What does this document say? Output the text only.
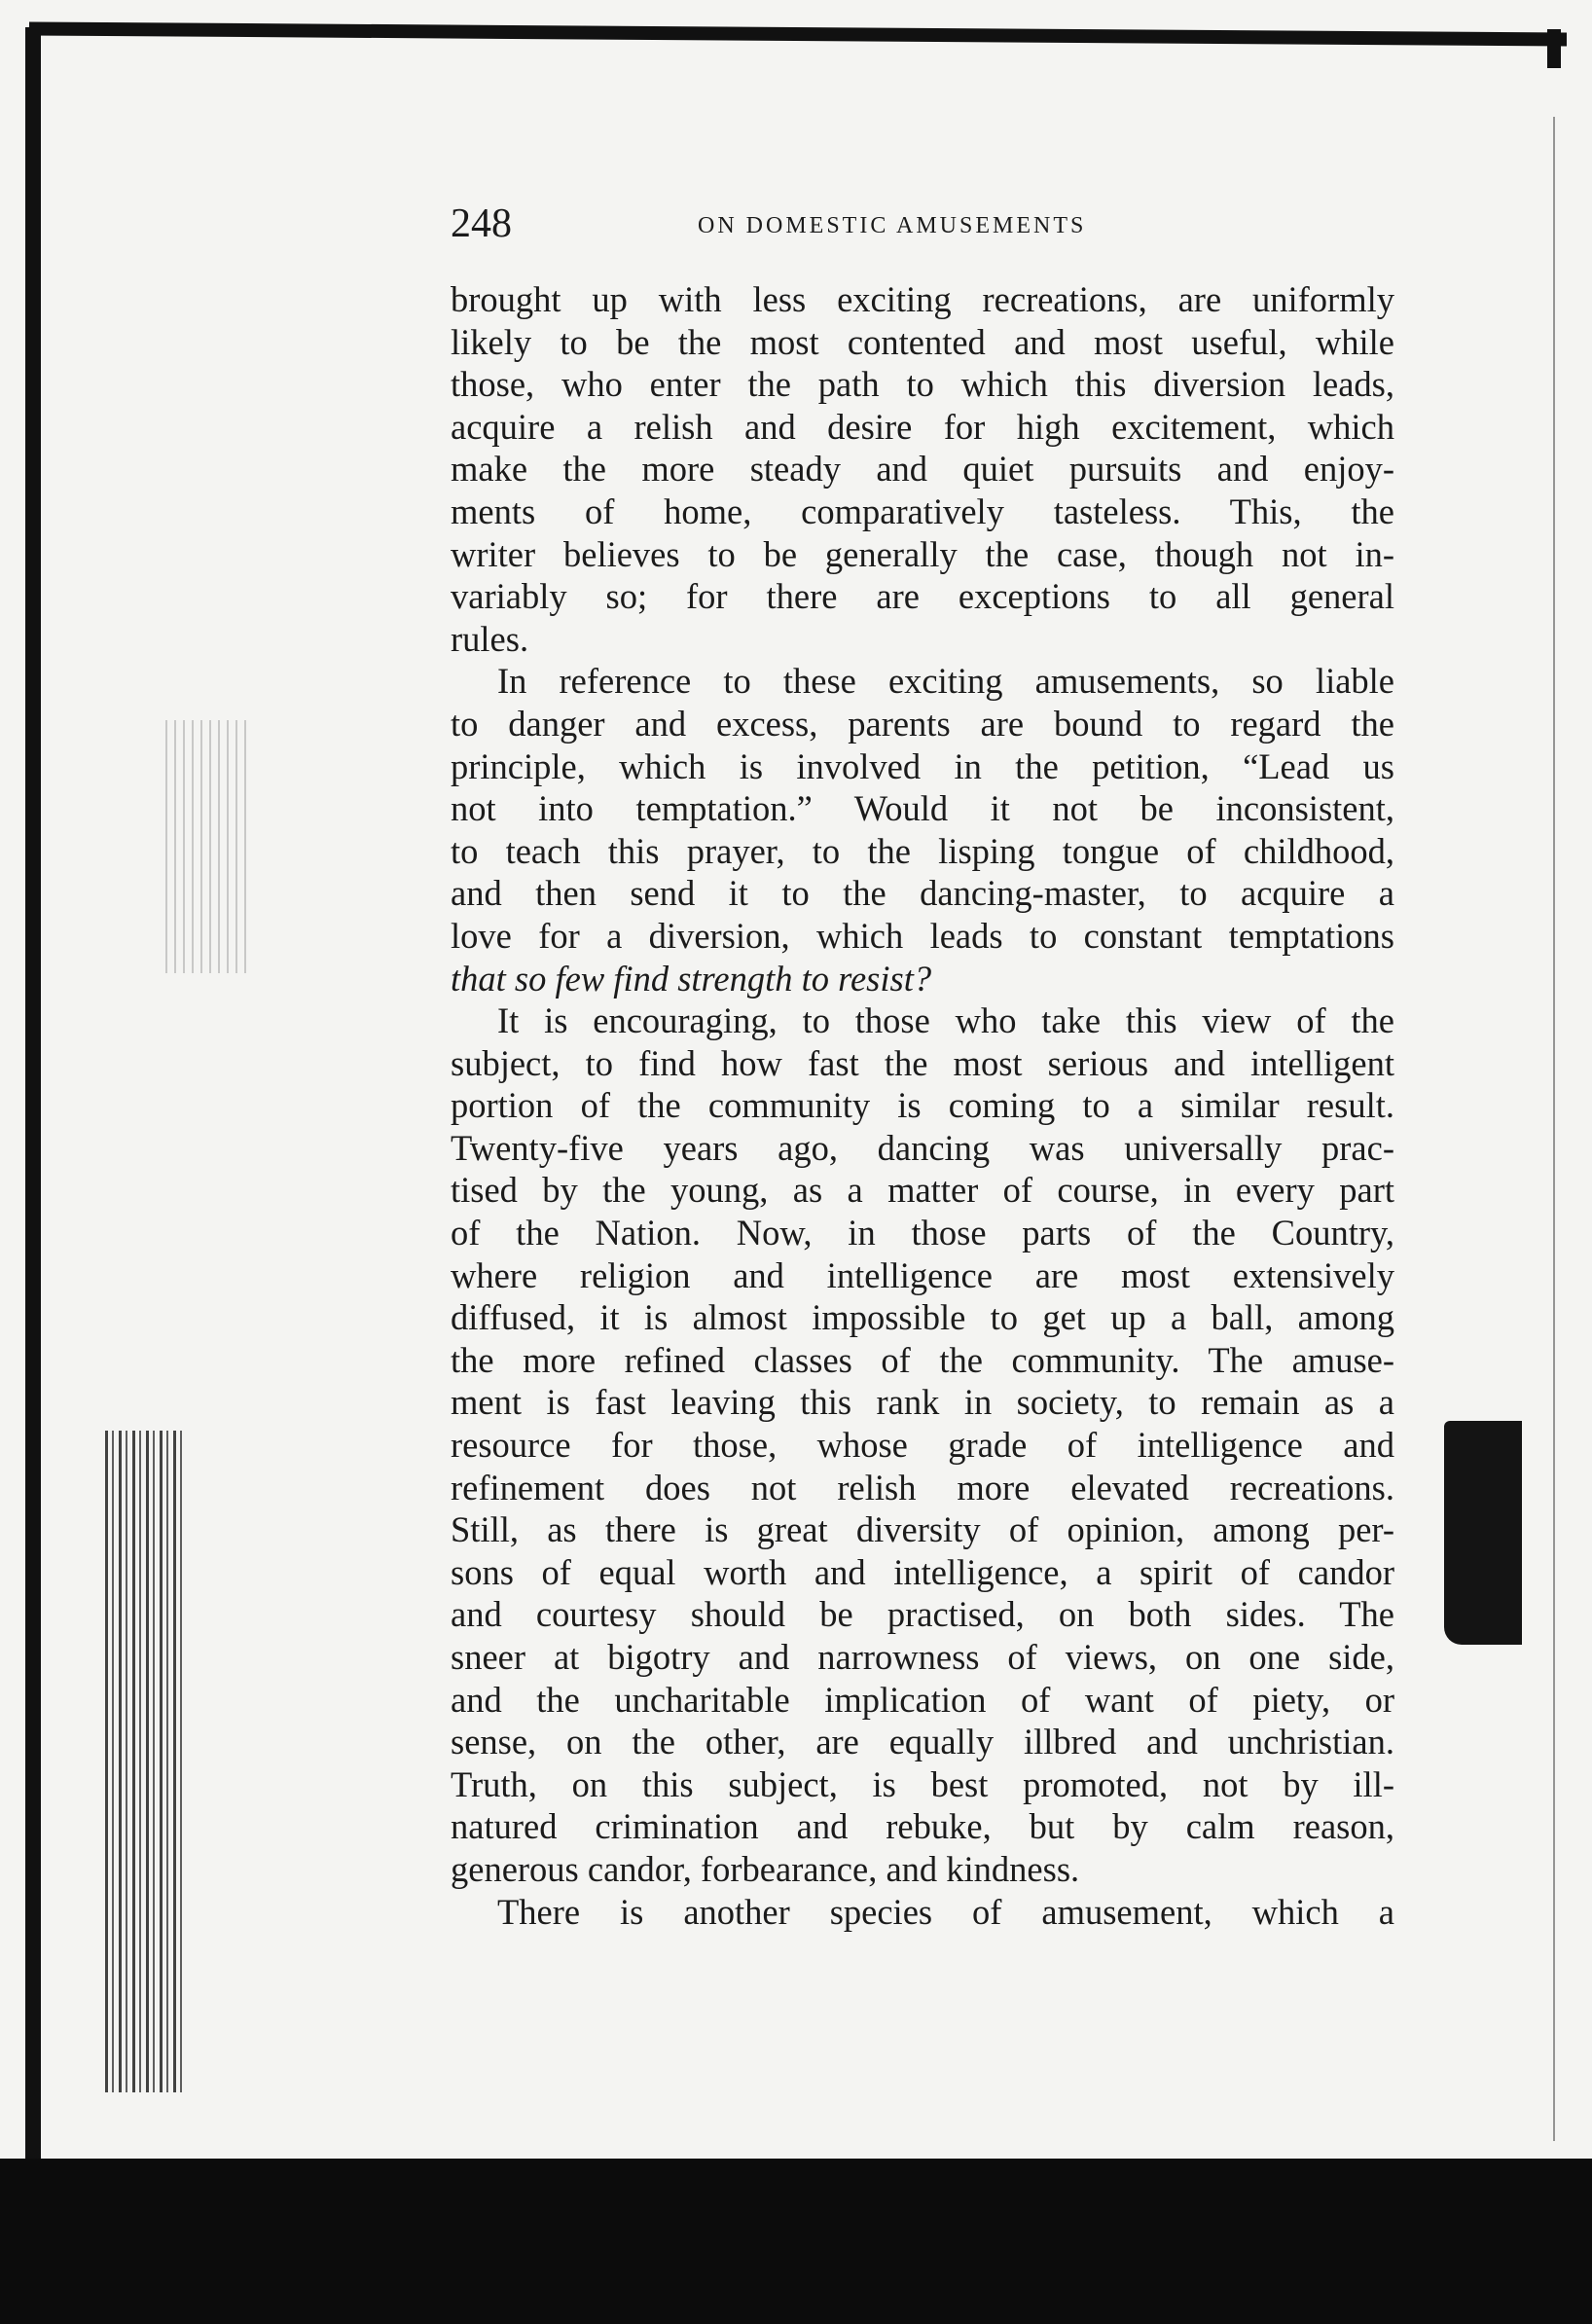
248	ON DOMESTIC AMUSEMENTS
brought up with less exciting recreations, are uniformly
likely to be the most contented and most useful, while
those, who enter the path to which this diversion leads,
acquire a relish and desire for high excitement, which
make the more steady and quiet pursuits and enjoy-
ments of home, comparatively tasteless. This, the
writer believes to be generally the case, though not in-
variably so; for there are exceptions to all general
rules.
In reference to these exciting amusements, so liable
to danger and excess, parents are bound to regard the
principle, which is involved in the petition, “Lead us
not into temptation.” Would it not be inconsistent,
to teach this prayer, to the lisping tongue of childhood,
and then send it to the dancing-master, to acquire a
love for a diversion, which leads to constant temptations
that so few find strength to resist?
It is encouraging, to those who take this view of the
subject, to find how fast the most serious and intelligent
portion of the community is coming to a similar result.
Twenty-five years ago, dancing was universally prac-
tised by the young, as a matter of course, in every part
of the Nation. Now, in those parts of the Country,
where religion and intelligence are most extensively
diffused, it is almost impossible to get up a ball, among
the more refined classes of the community. The amuse-
ment is fast leaving this rank in society, to remain as a
resource for those, whose grade of intelligence and
refinement does not relish more elevated recreations.
Still, as there is great diversity of opinion, among per-
sons of equal worth and intelligence, a spirit of candor
and courtesy should be practised, on both sides. The
sneer at bigotry and narrowness of views, on one side,
and the uncharitable implication of want of piety, or
sense, on the other, are equally illbred and unchristian.
Truth, on this subject, is best promoted, not by ill-
natured crimination and rebuke, but by calm reason,
generous candor, forbearance, and kindness.
There is another species of amusement, which a
